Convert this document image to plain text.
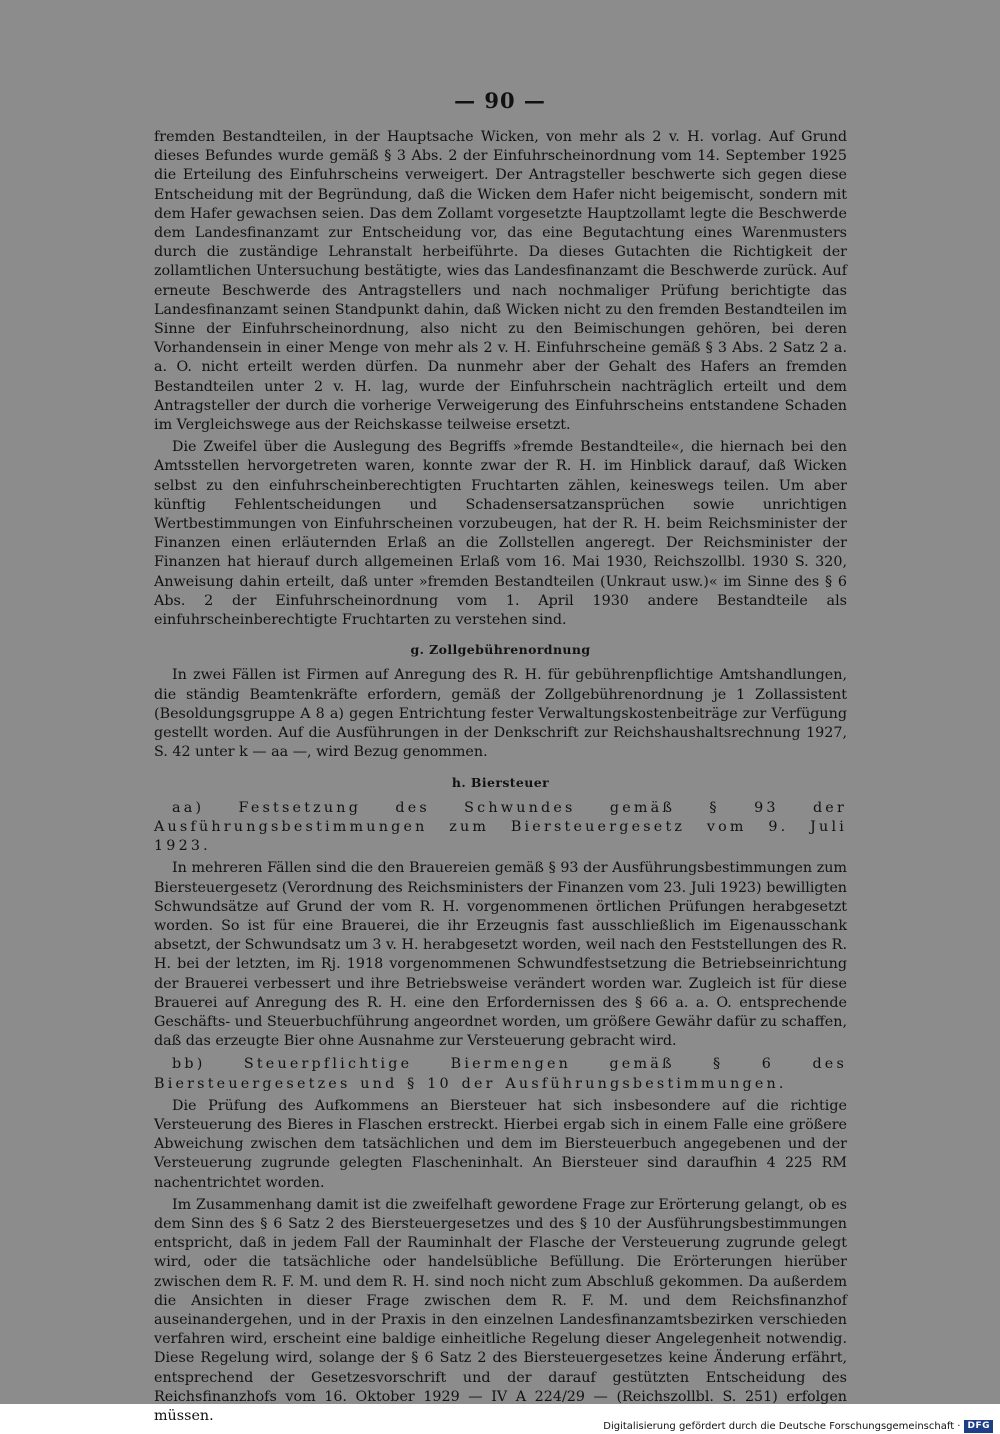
— 90 —

fremden Bestandteilen, in der Hauptsache Wicken, von mehr als 2 v. H. vorlag. Auf Grund dieses Befundes wurde gemäß § 3 Abs. 2 der Einfuhrscheinordnung vom 14. September 1925 die Erteilung des Einfuhrscheins verweigert. Der Antragsteller beschwerte sich gegen diese Entscheidung mit der Begründung, daß die Wicken dem Hafer nicht beigemischt, sondern mit dem Hafer gewachsen seien. Das dem Zollamt vorgesetzte Hauptzollamt legte die Beschwerde dem Landesfinanzamt zur Entscheidung vor, das eine Begutachtung eines Warenmusters durch die zuständige Lehranstalt herbeiführte. Da dieses Gutachten die Richtigkeit der zollamtlichen Untersuchung bestätigte, wies das Landesfinanzamt die Beschwerde zurück. Auf erneute Beschwerde des Antragstellers und nach nochmaliger Prüfung berichtigte das Landesfinanzamt seinen Standpunkt dahin, daß Wicken nicht zu den fremden Bestandteilen im Sinne der Einfuhrscheinordnung, also nicht zu den Beimischungen gehören, bei deren Vorhandensein in einer Menge von mehr als 2 v. H. Einfuhrscheine gemäß § 3 Abs. 2 Satz 2 a. a. O. nicht erteilt werden dürfen. Da nunmehr aber der Gehalt des Hafers an fremden Bestandteilen unter 2 v. H. lag, wurde der Einfuhrschein nachträglich erteilt und dem Antragsteller der durch die vorherige Verweigerung des Einfuhrscheins entstandene Schaden im Vergleichswege aus der Reichskasse teilweise ersetzt.

Die Zweifel über die Auslegung des Begriffs »fremde Bestandteile«, die hiernach bei den Amtsstellen hervorgetreten waren, konnte zwar der R. H. im Hinblick darauf, daß Wicken selbst zu den einfuhrscheinberechtigten Fruchtarten zählen, keineswegs teilen. Um aber künftig Fehlentscheidungen und Schadensersatzansprüchen sowie unrichtigen Wertbestimmungen von Einfuhrscheinen vorzubeugen, hat der R. H. beim Reichsminister der Finanzen einen erläuternden Erlaß an die Zollstellen angeregt. Der Reichsminister der Finanzen hat hierauf durch allgemeinen Erlaß vom 16. Mai 1930, Reichszollbl. 1930 S. 320, Anweisung dahin erteilt, daß unter »fremden Bestandteilen (Unkraut usw.)« im Sinne des § 6 Abs. 2 der Einfuhrscheinordnung vom 1. April 1930 andere Bestandteile als einfuhrscheinberechtigte Fruchtarten zu verstehen sind.

g. Zollgebührenordnung

In zwei Fällen ist Firmen auf Anregung des R. H. für gebührenpflichtige Amtshandlungen, die ständig Beamtenkräfte erfordern, gemäß der Zollgebührenordnung je 1 Zollassistent (Besoldungsgruppe A 8 a) gegen Entrichtung fester Verwaltungskostenbeiträge zur Verfügung gestellt worden. Auf die Ausführungen in der Denkschrift zur Reichshaushaltsrechnung 1927, S. 42 unter k — aa —, wird Bezug genommen.

h. Biersteuer

aa) Festsetzung des Schwundes gemäß § 93 der Ausführungsbestimmungen zum Biersteuergesetz vom 9. Juli 1923.

In mehreren Fällen sind die den Brauereien gemäß § 93 der Ausführungsbestimmungen zum Biersteuergesetz (Verordnung des Reichsministers der Finanzen vom 23. Juli 1923) bewilligten Schwundsätze auf Grund der vom R. H. vorgenommenen örtlichen Prüfungen herabgesetzt worden. So ist für eine Brauerei, die ihr Erzeugnis fast ausschließlich im Eigenausschank absetzt, der Schwundsatz um 3 v. H. herabgesetzt worden, weil nach den Feststellungen des R. H. bei der letzten, im Rj. 1918 vorgenommenen Schwundfestsetzung die Betriebseinrichtung der Brauerei verbessert und ihre Betriebsweise verändert worden war. Zugleich ist für diese Brauerei auf Anregung des R. H. eine den Erfordernissen des § 66 a. a. O. entsprechende Geschäfts- und Steuerbuchführung angeordnet worden, um größere Gewähr dafür zu schaffen, daß das erzeugte Bier ohne Ausnahme zur Versteuerung gebracht wird.

bb) Steuerpflichtige Biermengen gemäß § 6 des Biersteuergesetzes und § 10 der Ausführungsbestimmungen.

Die Prüfung des Aufkommens an Biersteuer hat sich insbesondere auf die richtige Versteuerung des Bieres in Flaschen erstreckt. Hierbei ergab sich in einem Falle eine größere Abweichung zwischen dem tatsächlichen und dem im Biersteuerbuch angegebenen und der Versteuerung zugrunde gelegten Flascheninhalt. An Biersteuer sind daraufhin 4 225 RM nachentrichtet worden.

Im Zusammenhang damit ist die zweifelhaft gewordene Frage zur Erörterung gelangt, ob es dem Sinn des § 6 Satz 2 des Biersteuergesetzes und des § 10 der Ausführungsbestimmungen entspricht, daß in jedem Fall der Rauminhalt der Flasche der Versteuerung zugrunde gelegt wird, oder die tatsächliche oder handelsübliche Befüllung. Die Erörterungen hierüber zwischen dem R. F. M. und dem R. H. sind noch nicht zum Abschluß gekommen. Da außerdem die Ansichten in dieser Frage zwischen dem R. F. M. und dem Reichsfinanzhof auseinandergehen, und in der Praxis in den einzelnen Landesfinanzamtsbezirken verschieden verfahren wird, erscheint eine baldige einheitliche Regelung dieser Angelegenheit notwendig. Diese Regelung wird, solange der § 6 Satz 2 des Biersteuergesetzes keine Änderung erfährt, entsprechend der Gesetzesvorschrift und der darauf gestützten Entscheidung des Reichsfinanzhofs vom 16. Oktober 1929 — IV A 224/29 — (Reichszollbl. S. 251) erfolgen müssen.

Digitalisierung gefördert durch die Deutsche Forschungsgemeinschaft · DFG
